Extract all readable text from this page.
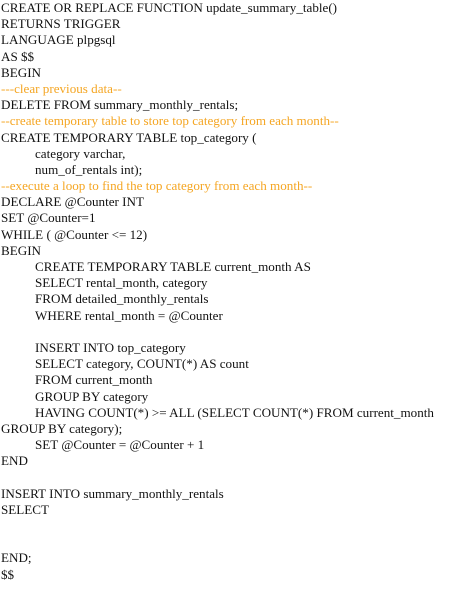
CREATE OR REPLACE FUNCTION update_summary_table()
RETURNS TRIGGER
LANGUAGE plpgsql
AS $$
BEGIN
---clear previous data--
DELETE FROM summary_monthly_rentals;
--create temporary table to store top category from each month--
CREATE TEMPORARY TABLE top_category (
category varchar,
num_of_rentals int);
--execute a loop to find the top category from each month--
DECLARE @Counter INT
SET @Counter=1
WHILE ( @Counter <= 12)
BEGIN
CREATE TEMPORARY TABLE current_month AS
SELECT rental_month, category
FROM detailed_monthly_rentals
WHERE rental_month = @Counter
INSERT INTO top_category
SELECT category, COUNT(*) AS count
FROM current_month
GROUP BY category
HAVING COUNT(*) >= ALL (SELECT COUNT(*) FROM current_month
GROUP BY category);
SET @Counter = @Counter + 1
END
INSERT INTO summary_monthly_rentals
SELECT
END;
$$
